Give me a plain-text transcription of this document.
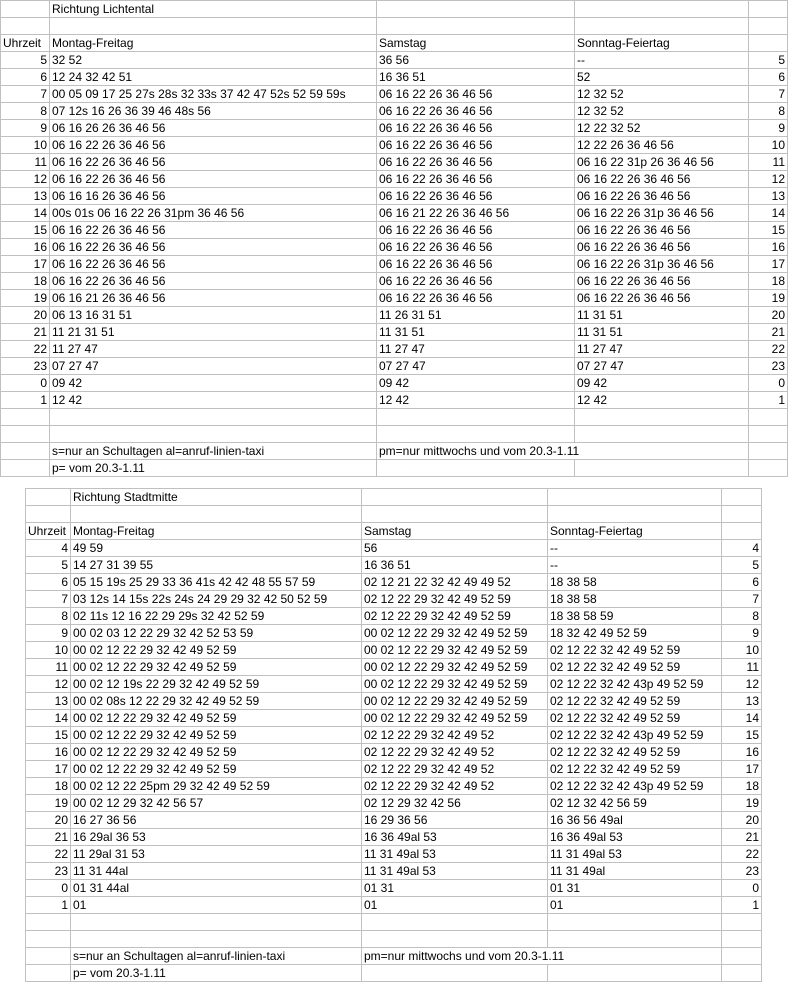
	Richtung Lichtental			

Uhrzeit	Montag-Freitag	Samstag	Sonntag-Feiertag	
5	32 52	36 56	--	5
6	12 24 32 42 51	16 36 51	52	6
7	00 05 09 17 25 27s 28s 32 33s 37 42 47 52s 52 59 59s	06 16 22 26 36 46 56	12 32 52	7
8	07 12s 16 26 36 39 46 48s 56	06 16 22 26 36 46 56	12 32 52	8
9	06 16 26 26 36 46 56	06 16 22 26 36 46 56	12 22 32 52	9
10	06 16 22 26 36 46 56	06 16 22 26 36 46 56	12 22 26 36 46 56	10
11	06 16 22 26 36 46 56	06 16 22 26 36 46 56	06 16 22 31p 26 36 46 56	11
12	06 16 22 26 36 46 56	06 16 22 26 36 46 56	06 16 22 26 36 46 56	12
13	06 16 16 26 36 46 56	06 16 22 26 36 46 56	06 16 22 26 36 46 56	13
14	00s 01s 06 16 22 26 31pm 36 46 56	06 16 21 22 26 36 46 56	06 16 22 26 31p 36 46 56	14
15	06 16 22 26 36 46 56	06 16 22 26 36 46 56	06 16 22 26 36 46 56	15
16	06 16 22 26 36 46 56	06 16 22 26 36 46 56	06 16 22 26 36 46 56	16
17	06 16 22 26 36 46 56	06 16 22 26 36 46 56	06 16 22 26 31p 36 46 56	17
18	06 16 22 26 36 46 56	06 16 22 26 36 46 56	06 16 22 26 36 46 56	18
19	06 16 21 26 36 46 56	06 16 22 26 36 46 56	06 16 22 26 36 46 56	19
20	06 13 16 31 51	11 26 31 51	11 31 51	20
21	11 21 31 51	11 31 51	11 31 51	21
22	11 27 47	11 27 47	11 27 47	22
23	07 27 47	07 27 47	07 27 47	23
0	09 42	09 42	09 42	0
1	12 42	12 42	12 42	1

	s=nur an Schultagen al=anruf-linien-taxi	pm=nur mittwochs und vom 20.3-1.11		
	p= vom 20.3-1.11			
	Richtung Stadtmitte			

Uhrzeit	Montag-Freitag	Samstag	Sonntag-Feiertag	
4	49 59	56	--	4
5	14 27 31 39 55	16 36 51	--	5
6	05 15 19s 25 29 33 36 41s 42 42 48 55 57 59	02 12 21 22 32 42 49 49 52	18 38 58	6
7	03 12s 14 15s 22s 24s 24 29 29 32 42 50 52 59	02 12 22 29 32 42 49 52 59	18 38 58	7
8	02 11s 12 16 22 29 29s 32 42 52 59	02 12 22 29 32 42 49 52 59	18 38 58 59	8
9	00 02 03 12 22 29 32 42 52 53 59	00 02 12 22 29 32 42 49 52 59	18 32 42 49 52 59	9
10	00 02 12 22 29 32 42 49 52 59	00 02 12 22 29 32 42 49 52 59	02 12 22 32 42 49 52 59	10
11	00 02 12 22 29 32 42 49 52 59	00 02 12 22 29 32 42 49 52 59	02 12 22 32 42 49 52 59	11
12	00 02 12 19s 22 29 32 42 49 52 59	00 02 12 22 29 32 42 49 52 59	02 12 22 32 42 43p 49 52 59	12
13	00 02 08s 12 22 29 32 42 49 52 59	00 02 12 22 29 32 42 49 52 59	02 12 22 32 42 49 52 59	13
14	00 02 12 22 29 32 42 49 52 59	00 02 12 22 29 32 42 49 52 59	02 12 22 32 42 49 52 59	14
15	00 02 12 22 29 32 42 49 52 59	02 12 22 29 32 42 49 52	02 12 22 32 42 43p 49 52 59	15
16	00 02 12 22 29 32 42 49 52 59	02 12 22 29 32 42 49 52	02 12 22 32 42 49 52 59	16
17	00 02 12 22 29 32 42 49 52 59	02 12 22 29 32 42 49 52	02 12 22 32 42 49 52 59	17
18	00 02 12 22 25pm 29 32 42 49 52 59	02 12 22 29 32 42 49 52	02 12 22 32 42 43p 49 52 59	18
19	00 02 12 29 32 42 56 57	02 12 29 32 42 56	02 12 32 42 56 59	19
20	16 27 36 56	16 29 36 56	16 36 56 49al	20
21	16 29al 36 53	16 36 49al 53	16 36 49al 53	21
22	11 29al 31 53	11 31 49al 53	11 31 49al 53	22
23	11 31 44al	11 31 49al 53	11 31 49al	23
0	01 31 44al	01 31	01 31	0
1	01	01	01	1

	s=nur an Schultagen al=anruf-linien-taxi	pm=nur mittwochs und vom 20.3-1.11		
	p= vom 20.3-1.11			
